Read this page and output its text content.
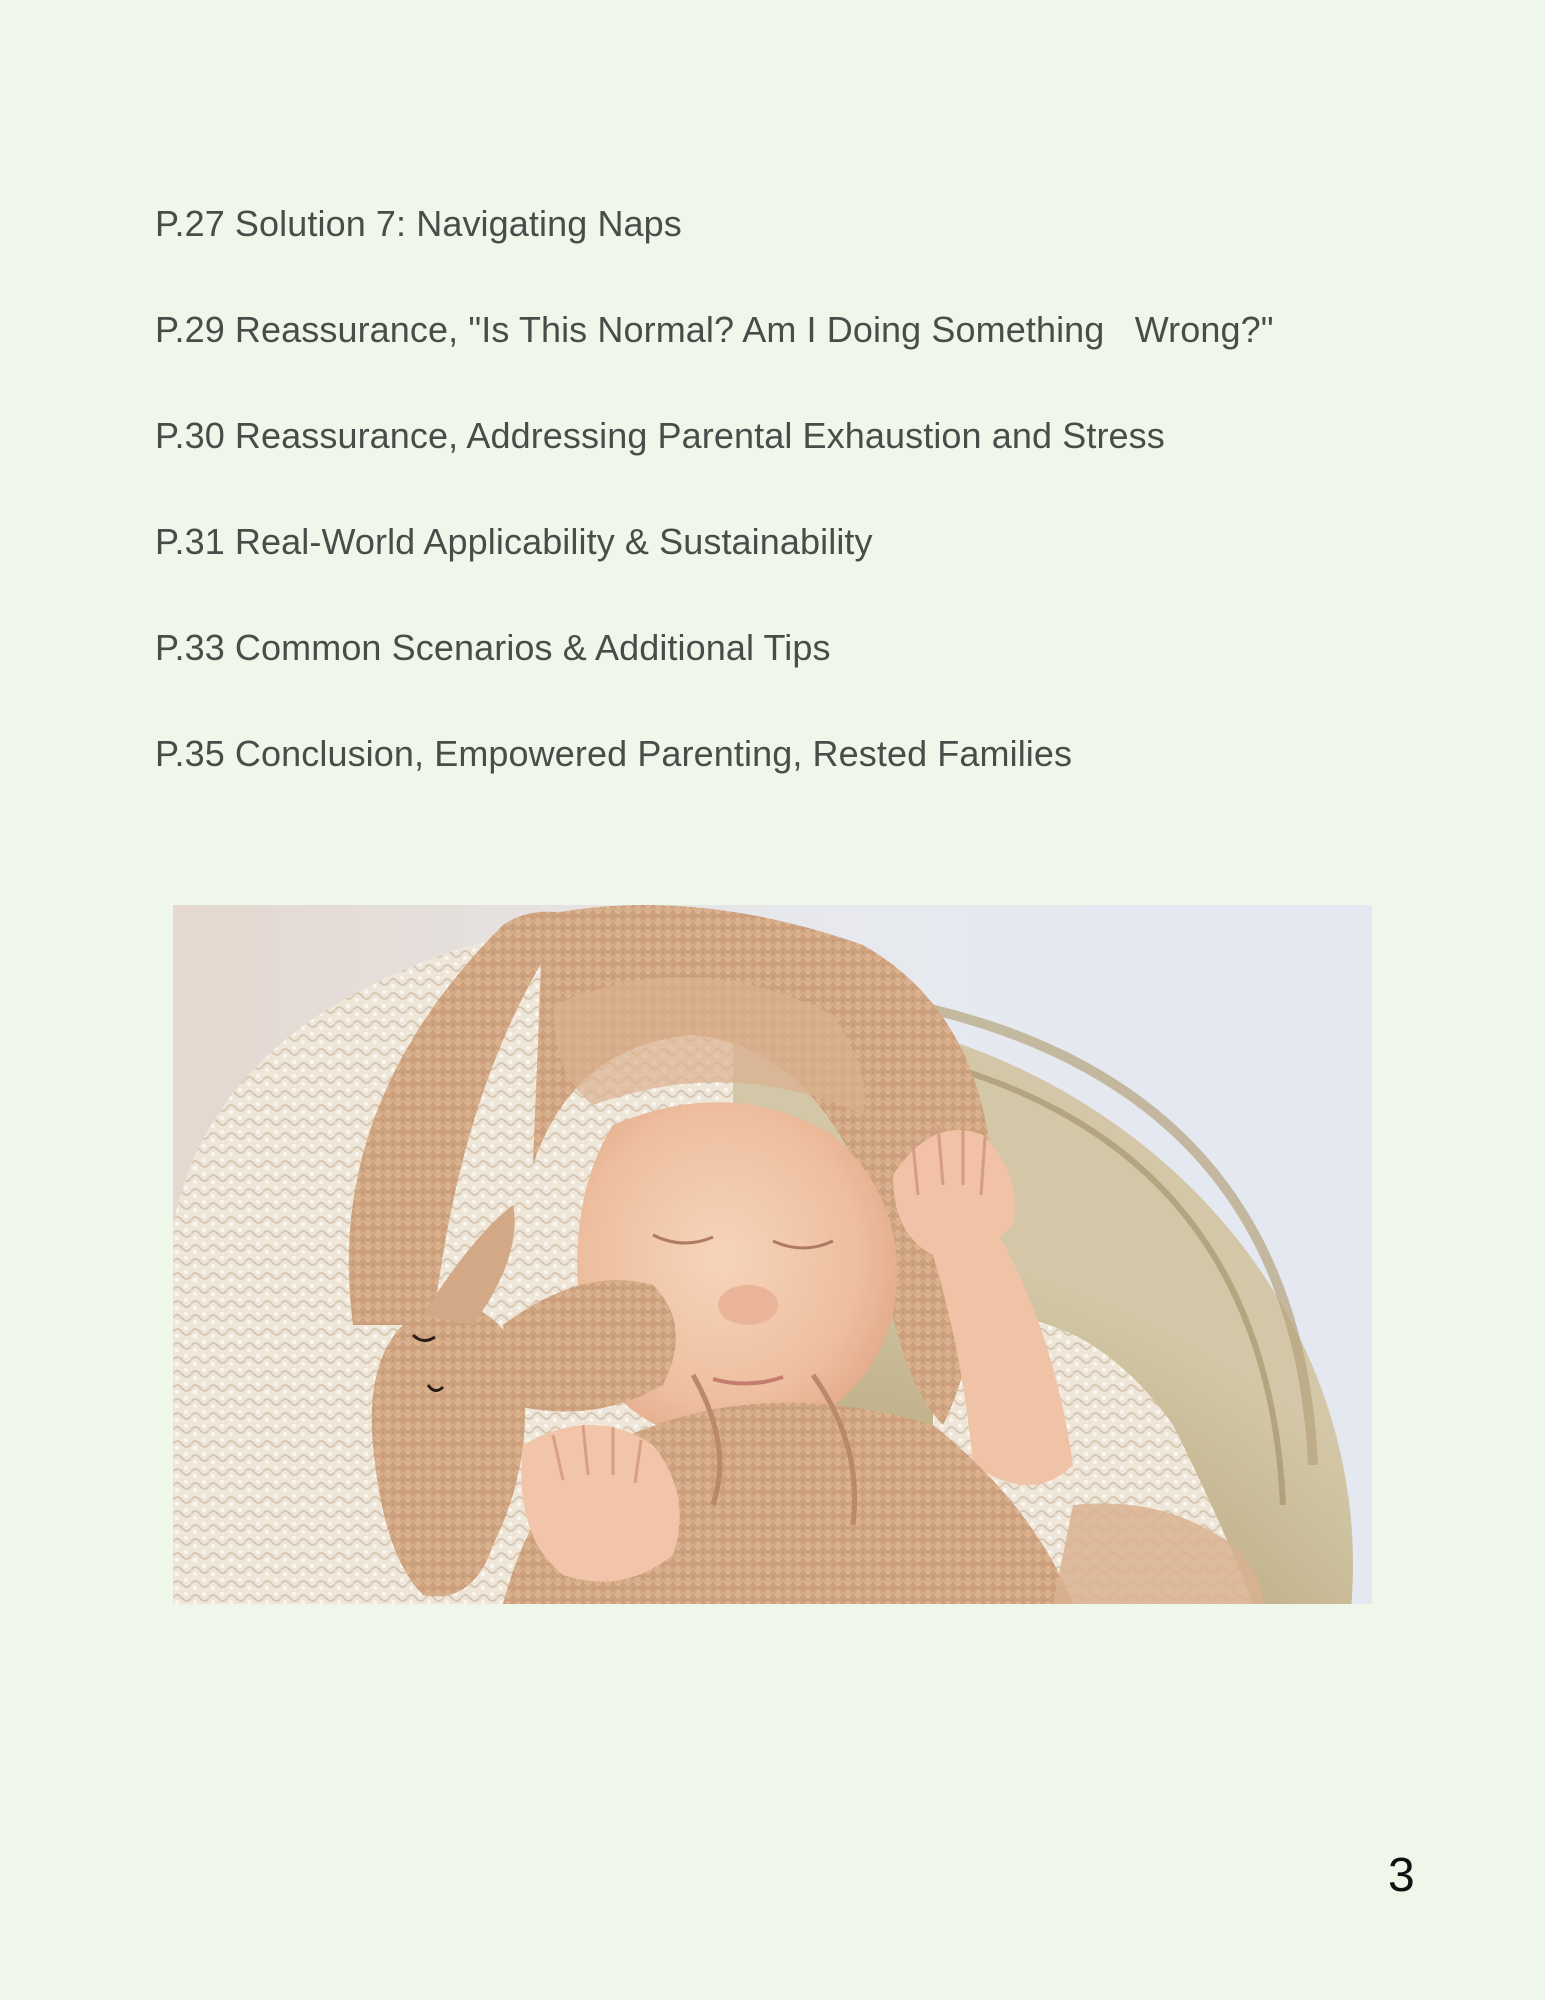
P.27 Solution 7: Navigating Naps
P.29 Reassurance, "Is This Normal? Am I Doing Something   Wrong?"
P.30 Reassurance, Addressing Parental Exhaustion and Stress
P.31 Real-World Applicability & Sustainability
P.33 Common Scenarios & Additional Tips
P.35 Conclusion, Empowered Parenting, Rested Families
3
